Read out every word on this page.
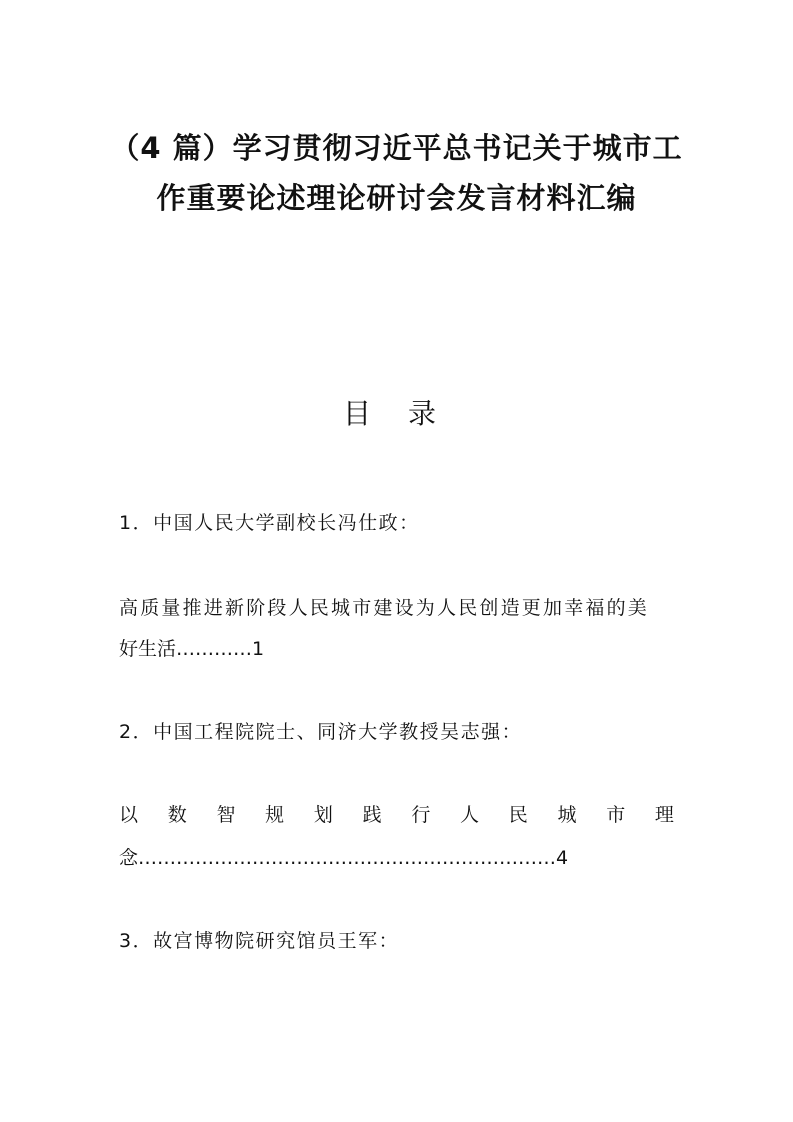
（4 篇）学习贯彻习近平总书记关于城市工
作重要论述理论研讨会发言材料汇编
目 录
1．中国人民大学副校长冯仕政：
高质量推进新阶段人民城市建设为人民创造更加幸福的美
好生活…………1
2．中国工程院院士、同济大学教授吴志强：
以 数 智 规 划 践 行 人 民 城 市 理
念…………………………………………………………4
3．故宫博物院研究馆员王军：
